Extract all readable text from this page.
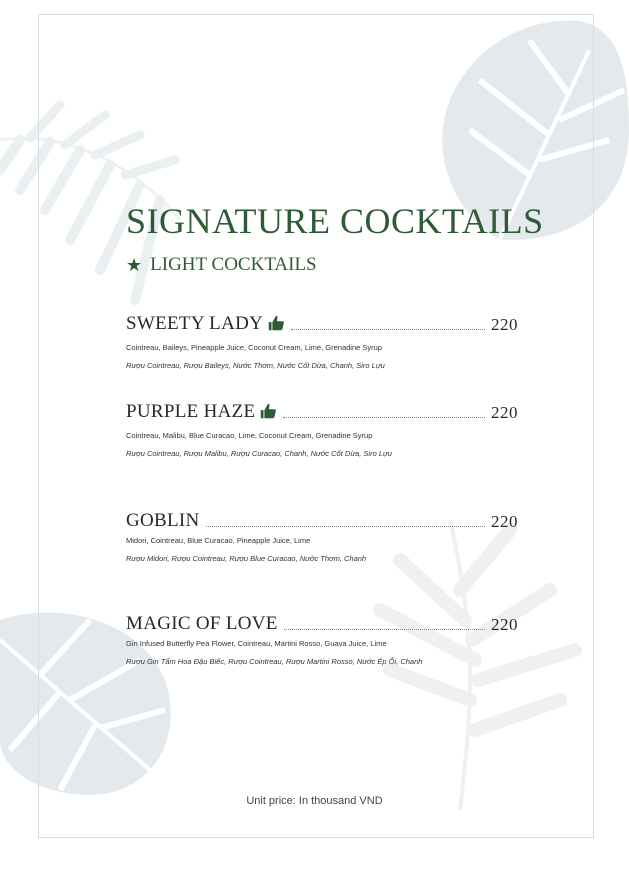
SIGNATURE COCKTAILS
★ LIGHT COCKTAILS
SWEETY LADY	220
Cointreau, Baileys, Pineapple Juice, Coconut Cream, Lime, Grenadine Syrup
Rượu Cointreau, Rượu Baileys, Nước Thơm, Nước Cốt Dừa, Chanh, Siro Lựu
PURPLE HAZE	220
Cointreau, Malibu, Blue Curacao, Lime, Coconut Cream, Grenadine Syrup
Rượu Cointreau, Rượu Malibu, Rượu Curacao, Chanh, Nước Cốt Dừa, Siro Lựu
GOBLIN	220
Midori, Cointreau, Blue Curacao, Pineapple Juice, Lime
Rượu Midori, Rượu Cointreau, Rượu Blue Curacao, Nước Thơm, Chanh
MAGIC OF LOVE	220
Gin Infused Butterfly Pea Flower, Cointreau, Martini Rosso, Guava Juice, Lime
Rượu Gin Tẩm Hoa Đậu Biếc, Rượu Cointreau, Rượu Martini Rosso, Nước Ép Ổi, Chanh
Unit price: In thousand VND
